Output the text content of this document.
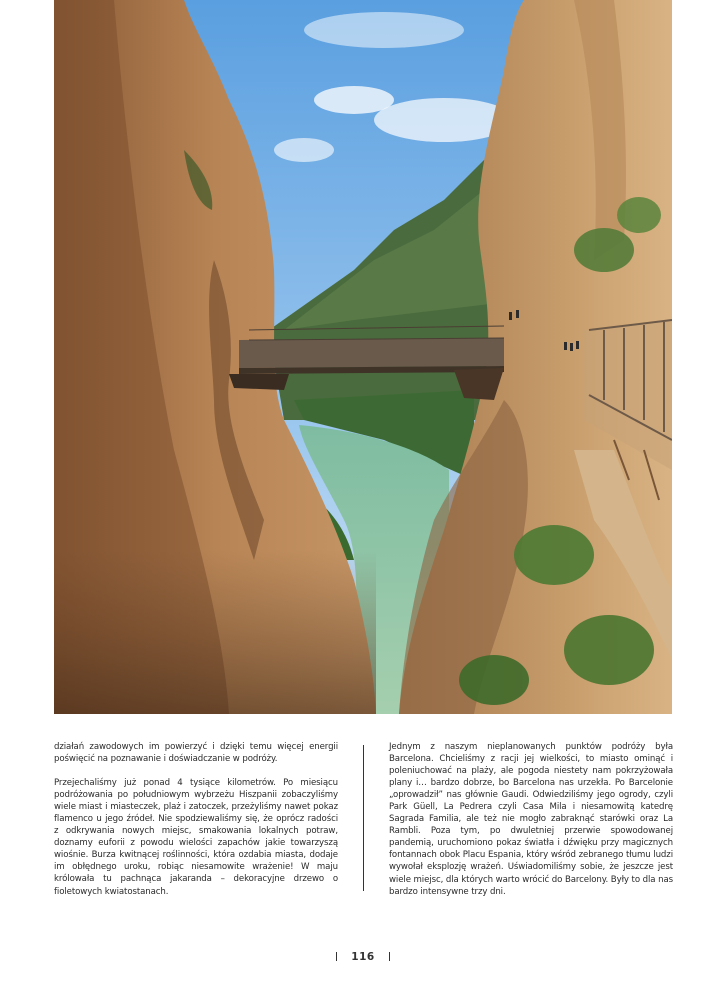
działań zawodowych im powierzyć i dzięki temu więcej energii poświęcić na poznawanie i doświadczanie w podróży.

Przejechaliśmy już ponad 4 tysiące kilometrów. Po miesiącu podróżowania po południowym wybrzeżu Hiszpanii zobaczyliśmy wiele miast i miasteczek, plaż i zatoczek, przeżyliśmy nawet pokaz flamenco u jego źródeł. Nie spodziewaliśmy się, że oprócz radości z odkrywania nowych miejsc, smakowania lokalnych potraw, doznamy euforii z powodu wielości zapachów jakie towarzyszą wiośnie. Burza kwitnącej roślinności, która ozdabia miasta, dodaje im obłędnego uroku, robiąc niesamowite wrażenie! W maju królowała tu pachnąca jakaranda – dekoracyjne drzewo o fioletowych kwiatostanach.

Jednym z naszym nieplanowanych punktów podróży była Barcelona. Chcieliśmy z racji jej wielkości, to miasto ominąć i poleniuchować na plaży, ale pogoda niestety nam pokrzyżowała plany i… bardzo dobrze, bo Barcelona nas urzekła. Po Barcelonie „oprowadził” nas głównie Gaudi. Odwiedziliśmy jego ogrody, czyli Park Güell, La Pedrera czyli Casa Mila i niesamowitą katedrę Sagrada Familia, ale też nie mogło zabraknąć starówki oraz La Rambli. Poza tym, po dwuletniej przerwie spowodowanej pandemią, uruchomiono pokaz światła i dźwięku przy magicznych fontannach obok Placu Espania, który wśród zebranego tłumu ludzi wywołał eksplozję wrażeń. Uświadomiliśmy sobie, że jeszcze jest wiele miejsc, dla których warto wrócić do Barcelony. Były to dla nas bardzo intensywne trzy dni.

116
